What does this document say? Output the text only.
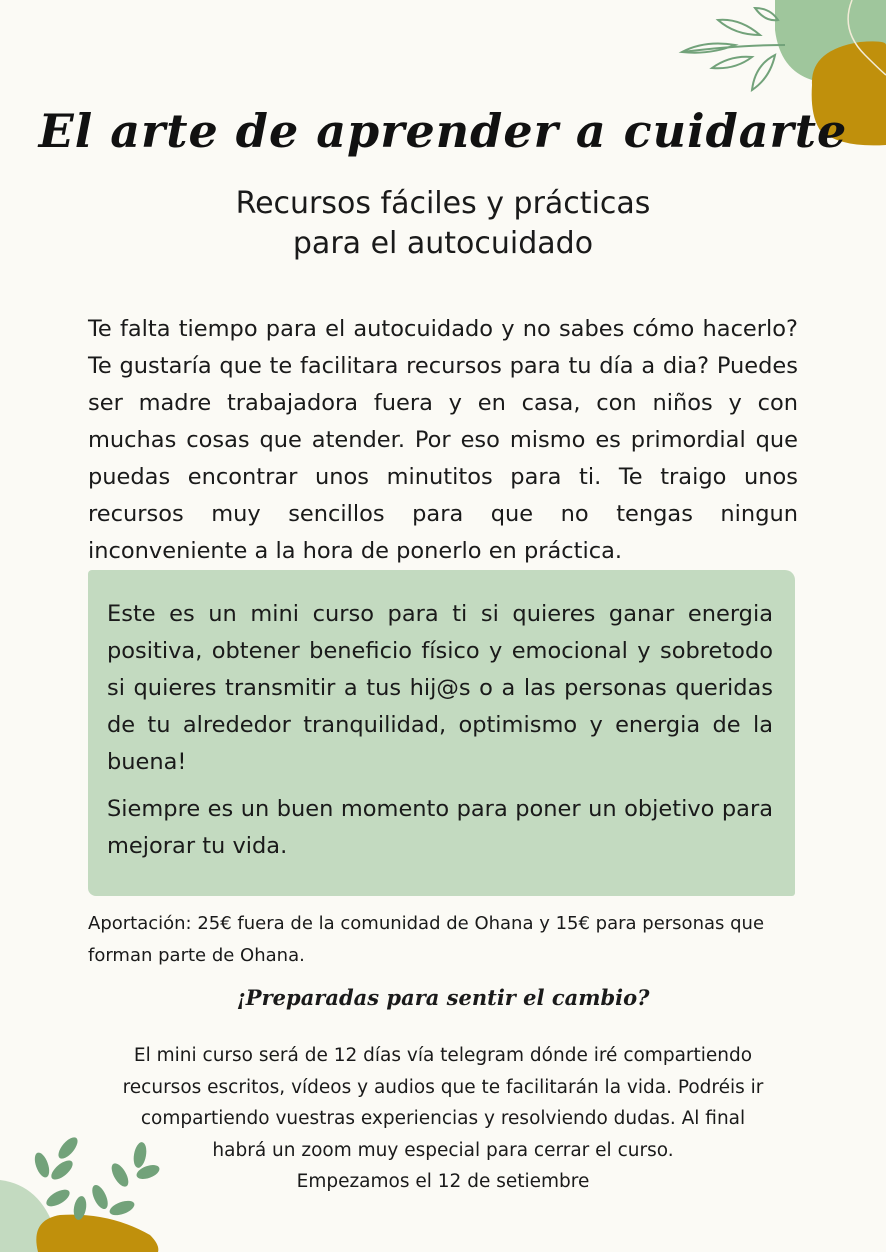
El arte de aprender a cuidarte
Recursos fáciles y prácticas
para el autocuidado
Te falta tiempo para el autocuidado y no sabes cómo hacerlo? Te gustaría que te facilitara recursos para tu día a dia? Puedes ser madre trabajadora fuera y en casa, con niños y con muchas cosas que atender. Por eso mismo es primordial que puedas encontrar unos minutitos para ti. Te traigo unos recursos muy sencillos para que no tengas ningun inconveniente a la hora de ponerlo en práctica.

Este es un mini curso para ti si quieres ganar energia positiva, obtener beneficio físico y emocional y sobretodo si quieres transmitir a tus hij@s o a las personas queridas de tu alrededor tranquilidad, optimismo y energia de la buena!

Siempre es un buen momento para poner un objetivo para mejorar tu vida.

Aportación: 25€ fuera de la comunidad de Ohana y 15€ para personas que forman parte de Ohana.
¡Preparadas para sentir el cambio?
El mini curso será de 12 días vía telegram dónde iré compartiendo
recursos escritos, vídeos y audios que te facilitarán la vida. Podréis ir
compartiendo vuestras experiencias y resolviendo dudas. Al final
habrá un zoom muy especial para cerrar el curso.
Empezamos el 12 de setiembre
